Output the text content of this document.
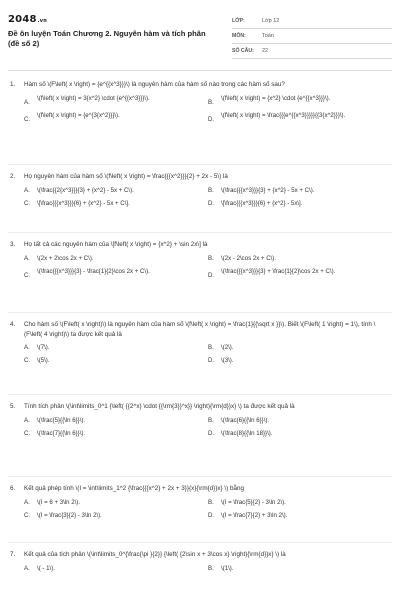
2048.vn
Đề ôn luyện Toán Chương 2. Nguyên hàm và tích phân (đề số 2)
LỚP:	Lớp 12
MÔN:	Toán
SỐ CÂU:	22
1.	Hàm số \(F\left( x \right) = {e^{{x^3}}}\) là nguyên hàm của hàm số nào trong các hàm số sau?
A.
\(f\left( x \right) = 3{x^2} \cdot {e^{{x^3}}}\).
B.
\(f\left( x \right) = {x^2} \cdot {e^{{x^3}}}\).
C.
\(f\left( x \right) = {e^{3{x^2}}}\).
D.
\(f\left( x \right) = \frac{{{e^{{x^3}}}}}{{3{x^2}}}\).
2.	Họ nguyên hàm của hàm số \(f\left( x \right) = \frac{{{x^2}}}{2} + 2x - 5\) là
A.	\(\frac{{2{x^3}}}{3} + {x^2} - 5x + C\).	B.	\(\frac{{{x^3}}}{3} + {x^2} - 5x + C\).
C.	\[\frac{{{x^3}}}{6} + {x^2} - 5x + C\].	D.	\[\frac{{{x^3}}}{6} + {x^2} - 5x\].
3.	Họ tất cả các nguyên hàm của \[f\left( x \right) = {x^2} + \sin 2x\] là
A.	\(2x + 2\cos 2x + C\).	B.	\(2x - 2\cos 2x + C\).
C.
\(\frac{{{x^3}}}{3} - \frac{1}{2}\cos 2x + C\).
D.
\(\frac{{{x^3}}}{3} + \frac{1}{2}\cos 2x + C\).
4.	Cho hàm số \(F\left( x \right)\) là nguyên hàm của hàm số \(f\left( x \right) = \frac{1}{{\sqrt x }}\). Biết \(F\left( 1 \right) = 1\), tính \(F\left( 4 \right)\) ta được kết quả là
A.	\(7\).	B.	\(2\).
C.	\(5\).	D.	\(3\).
5.	Tính tích phân \(\int\limits_0^1 {\left( {{2^x} \cdot {{\rm{3}}^x}} \right){\rm{d}}x} \) ta được kết quả là
A.	\(\frac{5}{{\ln 6}}\).	B.	\(\frac{6}{{\ln 6}}\).
C.	\(\frac{7}{{\ln 6}}\).	D.	\(\frac{8}{{\ln 18}}\).
6.	Kết quả phép tính \(I = \int\limits_1^2 {\frac{{{x^2} + 2x + 3}}{x}{\rm{d}}x} \) bằng
A.	\(I = 6 + 3\ln 2\).	B.	\(I = \frac{5}{2} - 3\ln 2\).
C.	\(I = \frac{3}{2} - 3\ln 2\).	D.	\(I = \frac{7}{2} + 3\ln 2\).
7.	Kết quả của tích phân \(\int\limits_0^{\frac{\pi }{2}} {\left( {2\sin x + 3\cos x} \right){\rm{d}}x} \) là
A.	\( - 1\).	B.	\(1\).
